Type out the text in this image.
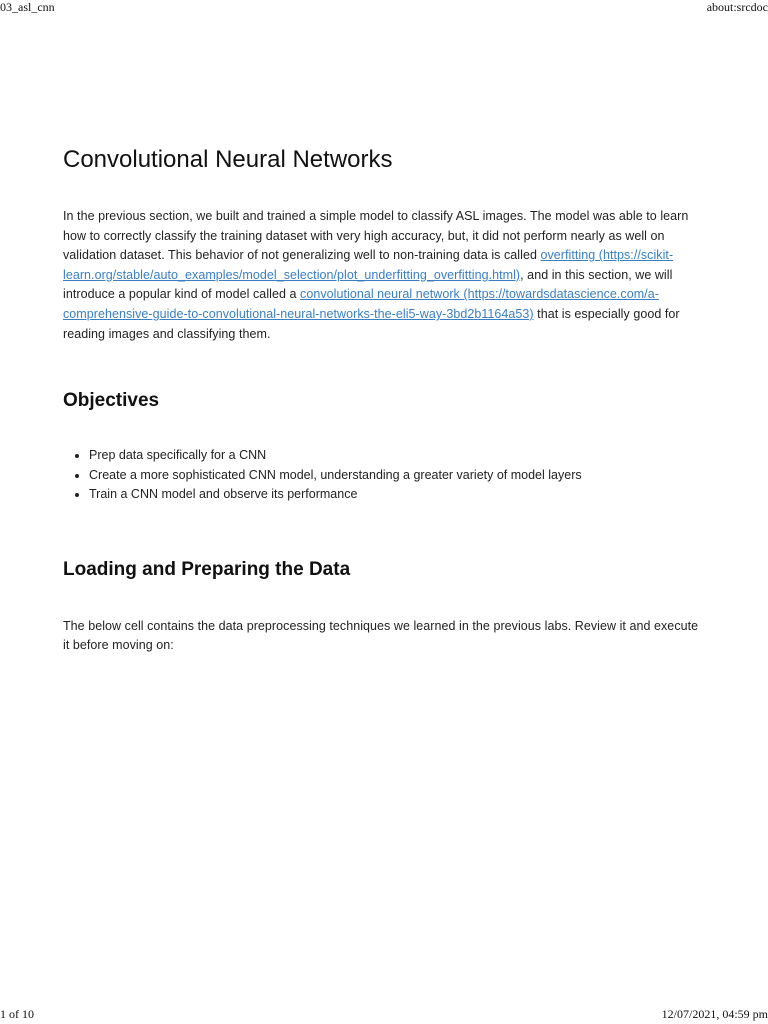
03_asl_cnn	about:srcdoc
Convolutional Neural Networks

In the previous section, we built and trained a simple model to classify ASL images. The model was able to learn how to correctly classify the training dataset with very high accuracy, but, it did not perform nearly as well on validation dataset. This behavior of not generalizing well to non-training data is called overfitting (https://scikit-learn.org/stable/auto_examples/model_selection/plot_underfitting_overfitting.html), and in this section, we will introduce a popular kind of model called a convolutional neural network (https://towardsdatascience.com/a-comprehensive-guide-to-convolutional-neural-networks-the-eli5-way-3bd2b1164a53) that is especially good for reading images and classifying them.

Objectives
• Prep data specifically for a CNN
• Create a more sophisticated CNN model, understanding a greater variety of model layers
• Train a CNN model and observe its performance
Loading and Preparing the Data

The below cell contains the data preprocessing techniques we learned in the previous labs. Review it and execute it before moving on:

1 of 10	12/07/2021, 04:59 pm
